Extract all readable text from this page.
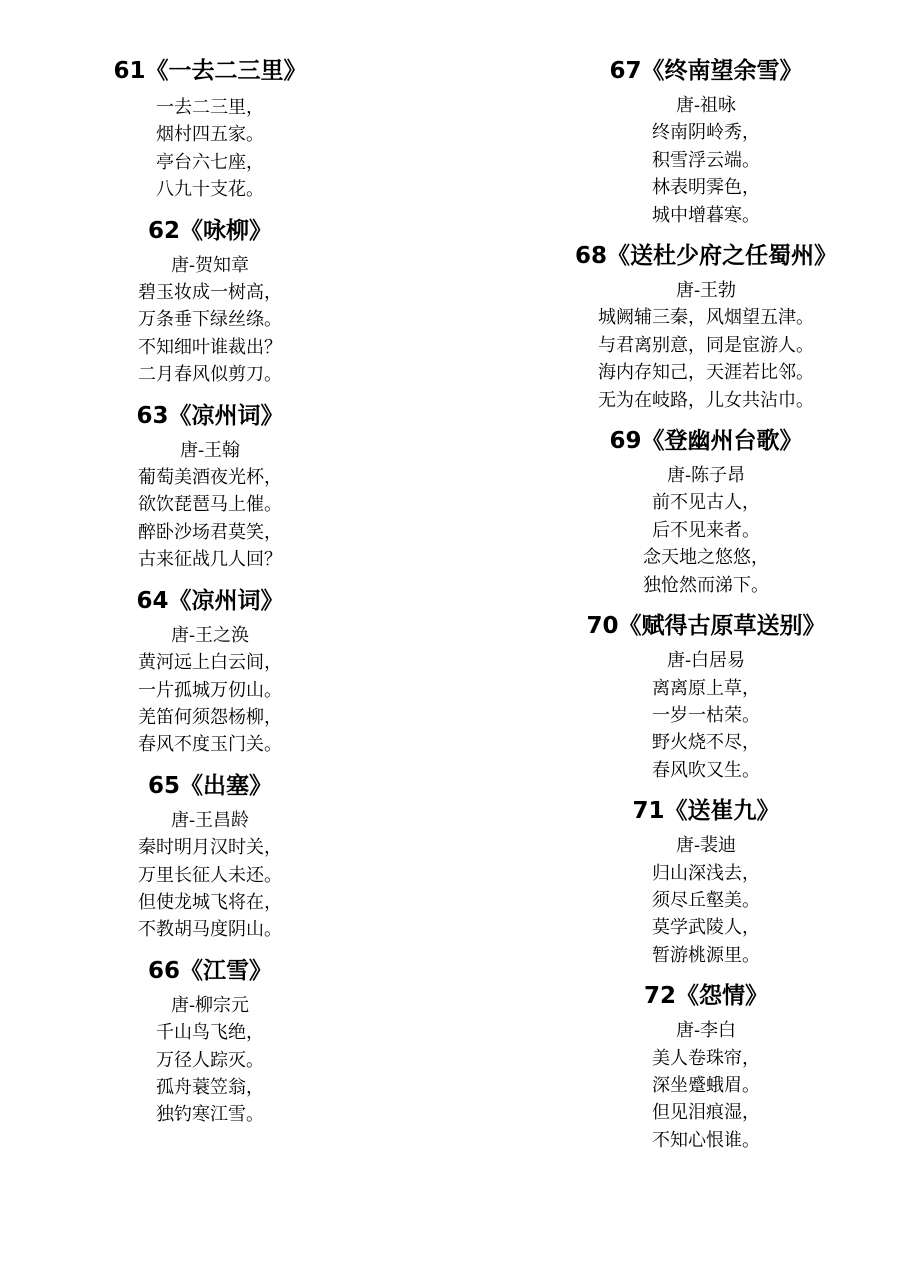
61《一去二三里》
一去二三里，
烟村四五家。
亭台六七座，
八九十支花。
62《咏柳》
唐-贺知章
碧玉妆成一树高，
万条垂下绿丝绦。
不知细叶谁裁出？
二月春风似剪刀。
63《凉州词》
唐-王翰
葡萄美酒夜光杯，
欲饮琵琶马上催。
醉卧沙场君莫笑，
古来征战几人回？
64《凉州词》
唐-王之涣
黄河远上白云间，
一片孤城万仞山。
羌笛何须怨杨柳，
春风不度玉门关。
65《出塞》
唐-王昌龄
秦时明月汉时关，
万里长征人未还。
但使龙城飞将在，
不教胡马度阴山。
66《江雪》
唐-柳宗元
千山鸟飞绝，
万径人踪灭。
孤舟蓑笠翁，
独钓寒江雪。
67《终南望余雪》
唐-祖咏
终南阴岭秀，
积雪浮云端。
林表明霁色，
城中增暮寒。
68《送杜少府之任蜀州》
唐-王勃
城阙辅三秦，风烟望五津。
与君离别意，同是宦游人。
海内存知己，天涯若比邻。
无为在岐路，儿女共沾巾。
69《登幽州台歌》
唐-陈子昂
前不见古人，
后不见来者。
念天地之悠悠，
独怆然而涕下。
70《赋得古原草送别》
唐-白居易
离离原上草，
一岁一枯荣。
野火烧不尽，
春风吹又生。
71《送崔九》
唐-裴迪
归山深浅去，
须尽丘壑美。
莫学武陵人，
暂游桃源里。
72《怨情》
唐-李白
美人卷珠帘，
深坐蹙蛾眉。
但见泪痕湿，
不知心恨谁。
